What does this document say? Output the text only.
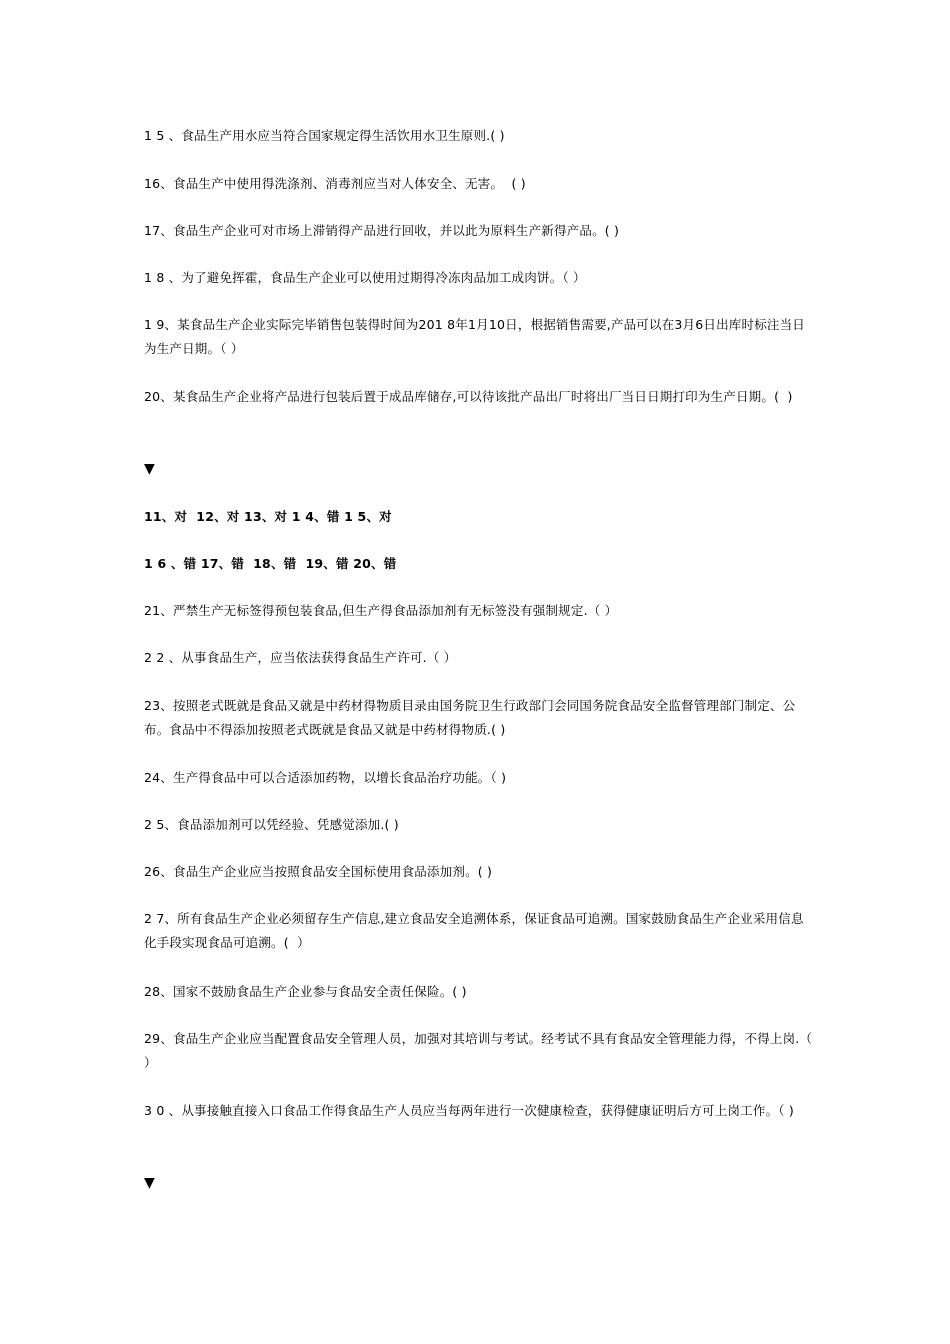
1 5 、食品生产用水应当符合国家规定得生活饮用水卫生原则.( )
16、食品生产中使用得洗涤剂、消毒剂应当对人体安全、无害。  ( )
17、食品生产企业可对市场上滞销得产品进行回收，并以此为原料生产新得产品。( )
1 8 、为了避免挥霍，食品生产企业可以使用过期得冷冻肉品加工成肉饼。（ ）
1 9、某食品生产企业实际完毕销售包装得时间为201 8年1月10日，根据销售需要,产品可以在3月6日出库时标注当日为生产日期。（ ）
20、某食品生产企业将产品进行包装后置于成品库储存,可以待该批产品出厂时将出厂当日日期打印为生产日期。(  )
▼
11、对  12、对 13、对 1 4、错 1 5、对
1 6 、错 17、错  18、错  19、错 20、错
21、严禁生产无标签得预包装食品,但生产得食品添加剂有无标签没有强制规定.（ ）
2 2 、从事食品生产，应当依法获得食品生产许可.（ ）
23、按照老式既就是食品又就是中药材得物质目录由国务院卫生行政部门会同国务院食品安全监督管理部门制定、公布。食品中不得添加按照老式既就是食品又就是中药材得物质.( )
24、生产得食品中可以合适添加药物，以增长食品治疗功能。（ )
2 5、食品添加剂可以凭经验、凭感觉添加.( )
26、食品生产企业应当按照食品安全国标使用食品添加剂。( )
2 7、所有食品生产企业必须留存生产信息,建立食品安全追溯体系，保证食品可追溯。国家鼓励食品生产企业采用信息化手段实现食品可追溯。(  ）
28、国家不鼓励食品生产企业参与食品安全责任保险。( )
29、食品生产企业应当配置食品安全管理人员，加强对其培训与考试。经考试不具有食品安全管理能力得，不得上岗.（ ）
3 0 、从事接触直接入口食品工作得食品生产人员应当每两年进行一次健康检查，获得健康证明后方可上岗工作。（ )
▼
